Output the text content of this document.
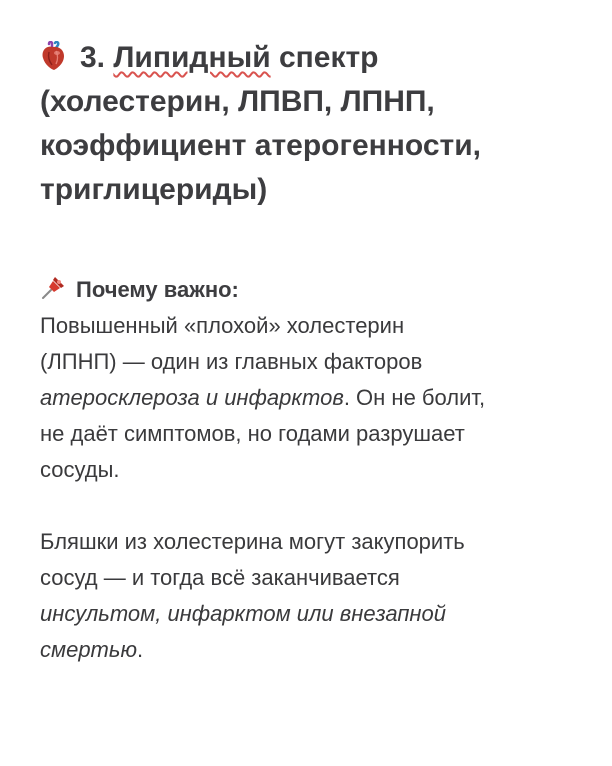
3. Липидный спектр
(холестерин, ЛПВП, ЛПНП,
коэффициент атерогенности,
триглицериды)
Почему важно:

Повышенный «плохой» холестерин
(ЛПНП) — один из главных факторов
атеросклероза и инфарктов. Он не болит,
не даёт симптомов, но годами разрушает
сосуды.

Бляшки из холестерина могут закупорить
сосуд — и тогда всё заканчивается
инсультом, инфарктом или внезапной
смертью.
